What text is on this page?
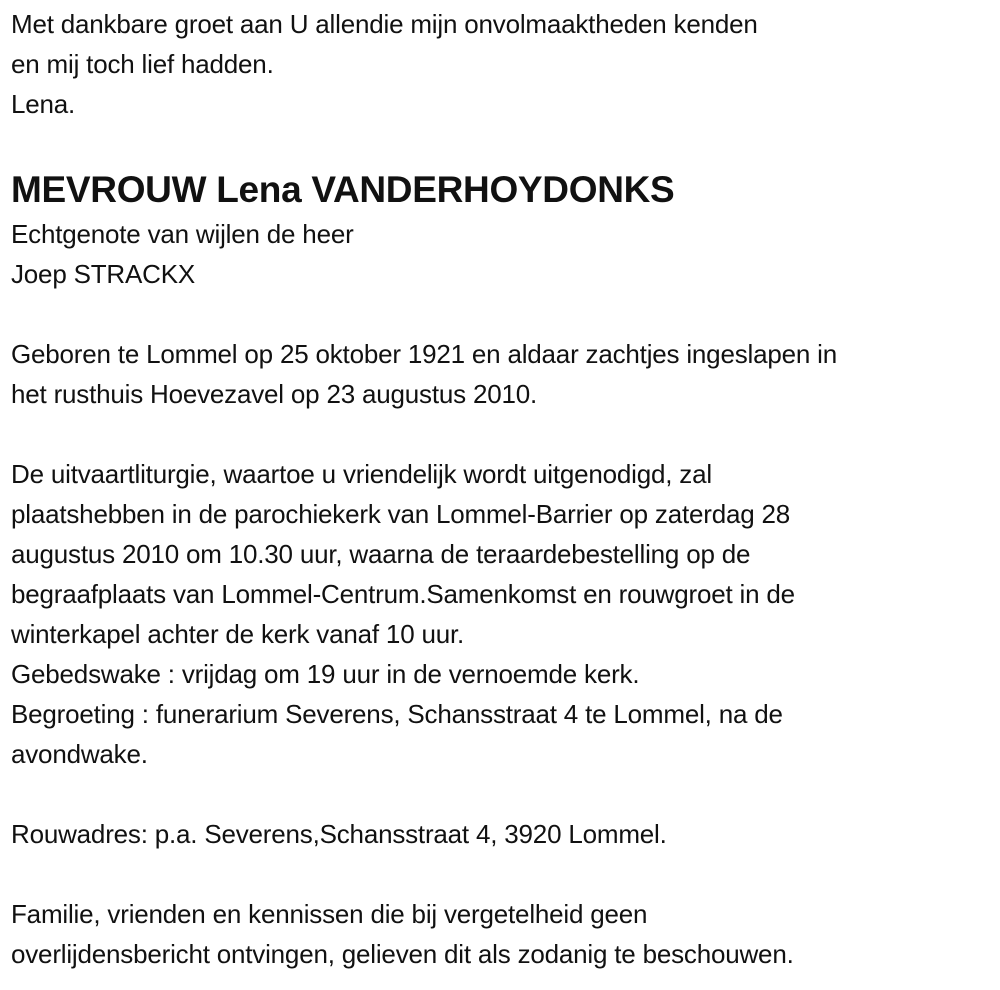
Met dankbare groet aan U allendie mijn onvolmaaktheden kenden
en mij toch lief hadden.
Lena.
MEVROUW Lena VANDERHOYDONKS
Echtgenote van wijlen de heer
Joep STRACKX
Geboren te Lommel op 25 oktober 1921 en aldaar zachtjes ingeslapen in
het rusthuis Hoevezavel op 23 augustus 2010.
De uitvaartliturgie, waartoe u vriendelijk wordt uitgenodigd, zal
plaatshebben in de parochiekerk van Lommel-Barrier op zaterdag 28
augustus 2010 om 10.30 uur, waarna de teraardebestelling op de
begraafplaats van Lommel-Centrum.Samenkomst en rouwgroet in de
winterkapel achter de kerk vanaf 10 uur.
Gebedswake : vrijdag om 19 uur in de vernoemde kerk.
Begroeting : funerarium Severens, Schansstraat 4 te Lommel, na de
avondwake.
Rouwadres: p.a. Severens,Schansstraat 4, 3920 Lommel.
Familie, vrienden en kennissen die bij vergetelheid geen
overlijdensbericht ontvingen, gelieven dit als zodanig te beschouwen.
